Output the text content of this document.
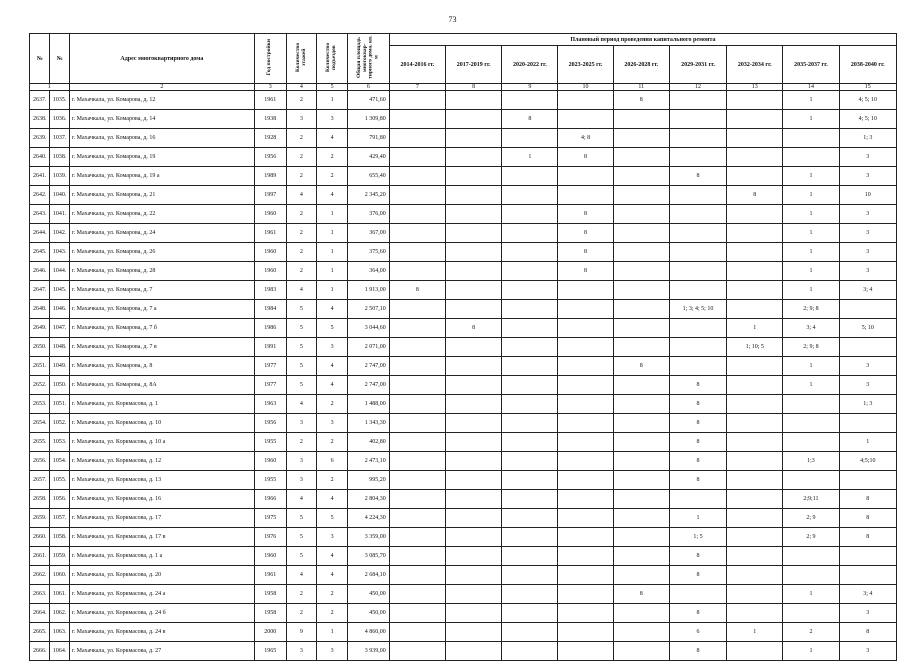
73
№	№	Адрес многоквартирного дома	Год постройки	Количество этажей	Количество подъездов	Общая площадь многоквар-тирного дома, кв. м	Плановый период проведения капитального ремонта								
							2014-2016 гг.	2017-2019 гг.	2020-2022 гг.	2023-2025 гг.	2026-2028 гг.	2029-2031 гг.	2032-2034 гг.	2035-2037 гг.	2038-2040 гг.
1		2	3	4	5	6	7	8	9	10	11	12	13	14	15
2637.	1035.	г. Махачкала, ул. Комарова, д. 12	1961	2	1	471,60					8			1	4; 5; 10
2638.	1036.	г. Махачкала, ул. Комарова, д. 14	1938	3	3	1 309,80			8					1	4; 5; 10
2639.	1037.	г. Махачкала, ул. Комарова, д. 16	1928	2	4	791,80				4; 8					1; 3
2640.	1038.	г. Махачкала, ул. Комарова, д. 19	1956	2	2	429,40			1	8					3
2641.	1039.	г. Махачкала, ул. Комарова, д. 19 а	1989	2	2	655,40						8		1	3
2642.	1040.	г. Махачкала, ул. Комарова, д. 21	1997	4	4	2 345,20							8	1	10
2643.	1041.	г. Махачкала, ул. Комарова, д. 22	1960	2	1	376,00				8				1	3
2644.	1042.	г. Махачкала, ул. Комарова, д. 24	1961	2	1	367,00				8				1	3
2645.	1043.	г. Махачкала, ул. Комарова, д. 26	1960	2	1	375,60				8				1	3
2646.	1044.	г. Махачкала, ул. Комарова, д. 28	1960	2	1	364,00				8				1	3
2647.	1045.	г. Махачкала, ул. Комарова, д. 7	1983	4	1	1 913,00	8							1	3; 4
2648.	1046.	г. Махачкала, ул. Комарова, д. 7 а	1984	5	4	2 507,10						1; 3; 4; 5; 10		2; 9; 8	
2649.	1047.	г. Махачкала, ул. Комарова, д. 7 б	1986	5	5	3 044,60		8					1	3; 4	5; 10
2650.	1048.	г. Махачкала, ул. Комарова, д. 7 в	1991	5	3	2 071,00							1; 10; 5	2; 9; 8	
2651.	1049.	г. Махачкала, ул. Комарова, д. 8	1977	5	4	2 747,00					8			1	3
2652.	1050.	г. Махачкала, ул. Комарова, д. 8А	1977	5	4	2 747,00						8		1	3
2653.	1051.	г. Махачкала, ул. Коркмасова, д. 1	1963	4	2	1 488,00						8			1; 3
2654.	1052.	г. Махачкала, ул. Коркмасова, д. 10	1956	3	3	1 343,30						8			
2655.	1053.	г. Махачкала, ул. Коркмасова, д. 10 а	1955	2	2	402,80						8			1
2656.	1054.	г. Махачкала, ул. Коркмасова, д. 12	1960	3	6	2 473,10						8		1;3	4;5;10
2657.	1055.	г. Махачкала, ул. Коркмасова, д. 13	1955	3	2	995,20						8			
2658.	1056.	г. Махачкала, ул. Коркмасова, д. 16	1966	4	4	2 804,30								2;9;11	8
2659.	1057.	г. Махачкала, ул. Коркмасова, д. 17	1975	5	5	4 224,30						1		2; 9	8
2660.	1058.	г. Махачкала, ул. Коркмасова, д. 17 в	1976	5	3	3 359,00						1; 5		2; 9	8
2661.	1059.	г. Махачкала, ул. Коркмасова, д. 1 а	1960	5	4	3 085,70						8			
2662.	1060.	г. Махачкала, ул. Коркмасова, д. 20	1961	4	4	2 684,10						8			
2663.	1061.	г. Махачкала, ул. Коркмасова, д. 24 а	1958	2	2	450,00					8			1	3; 4
2664.	1062.	г. Махачкала, ул. Коркмасова, д. 24 б	1958	2	2	450,00						8			3
2665.	1063.	г. Махачкала, ул. Коркмасова, д. 24 в	2000	9	1	4 860,00						6	1	2	8
2666.	1064.	г. Махачкала, ул. Коркмасова, д. 27	1965	3	3	3 939,00						8		1	3
